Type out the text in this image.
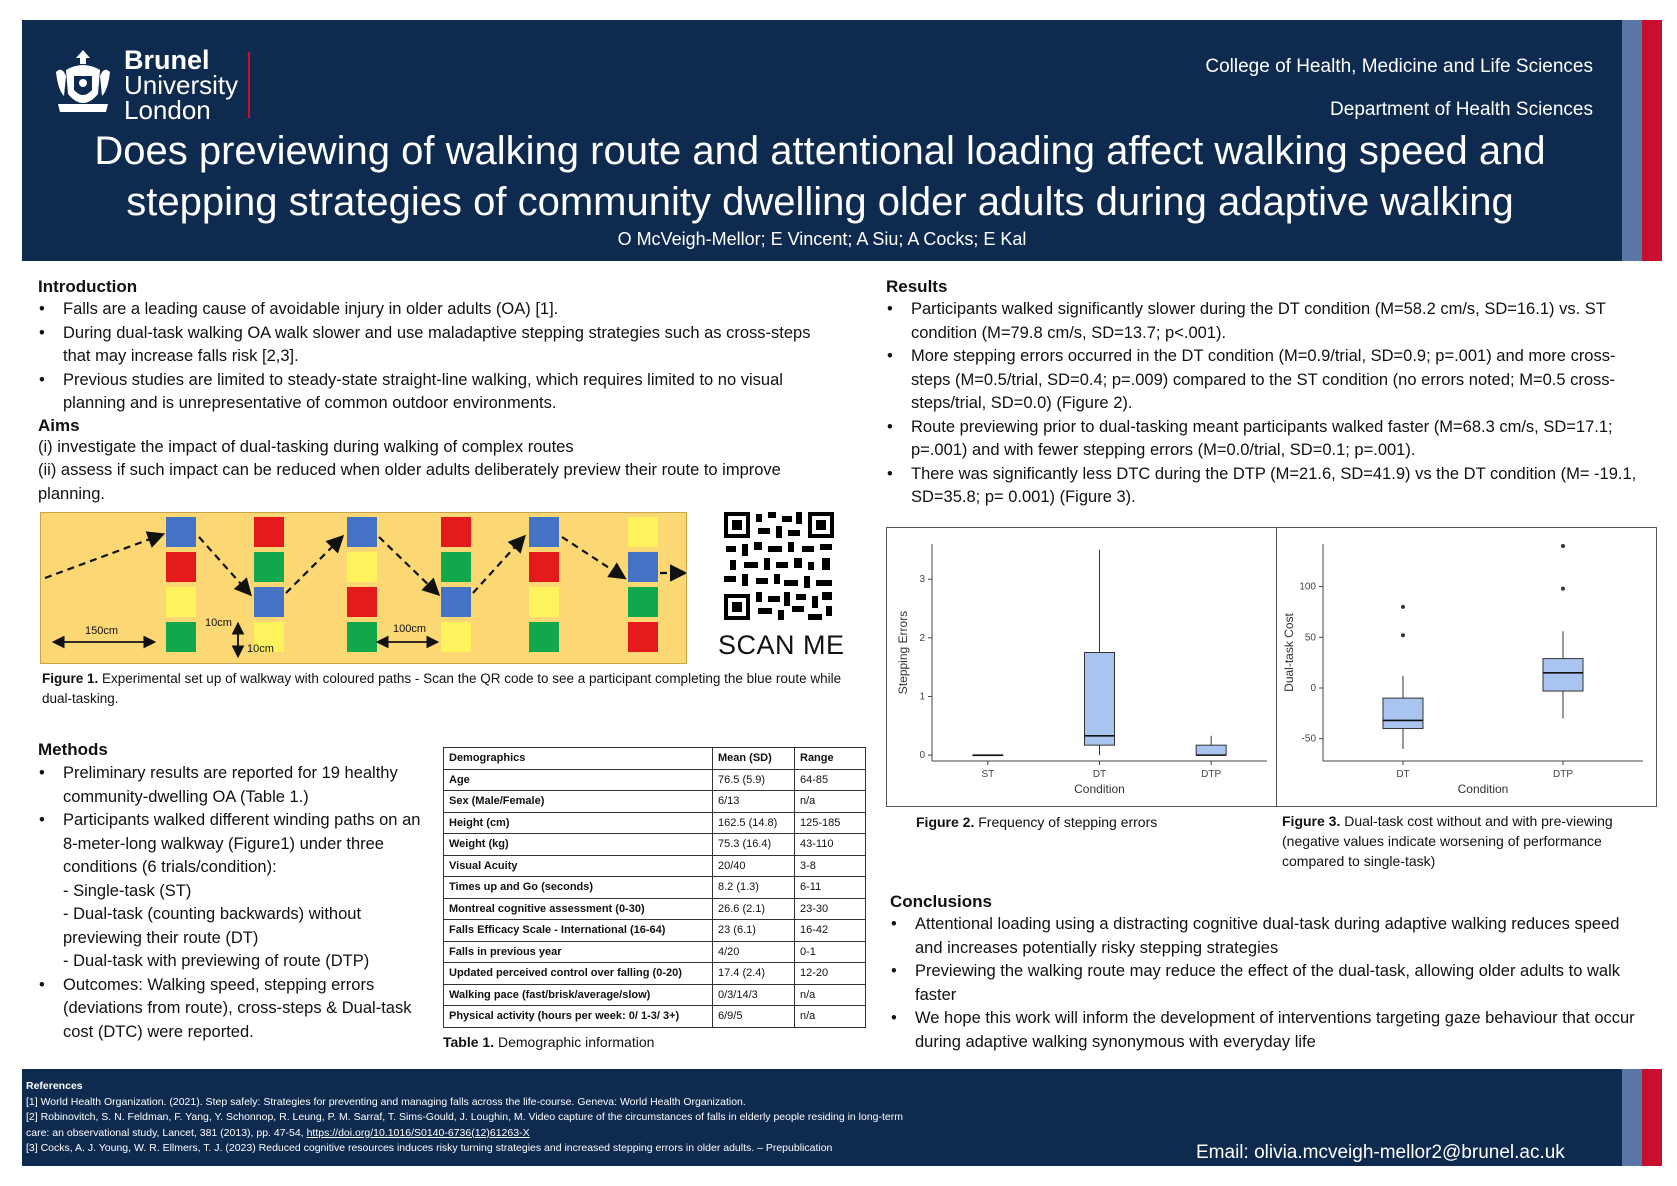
Brunel
University
London
College of Health, Medicine and Life Sciences
Department of Health Sciences
Does previewing of walking route and attentional loading affect walking speed and
stepping strategies of community dwelling older adults during adaptive walking
O McVeigh-Mellor; E Vincent; A Siu; A Cocks; E Kal
Introduction
• Falls are a leading cause of avoidable injury in older adults (OA) [1].
• During dual-task walking OA walk slower and use maladaptive stepping strategies such as cross-steps that may increase falls risk [2,3].
• Previous studies are limited to steady-state straight-line walking, which requires limited to no visual planning and is unrepresentative of common outdoor environments.
Aims
(i) investigate the impact of dual-tasking during walking of complex routes
(ii) assess if such impact can be reduced when older adults deliberately preview their route to improve planning.
150cm
10cm
10cm
100cm
SCAN ME
Figure 1. Experimental set up of walkway with coloured paths - Scan the QR code to see a participant completing the blue route while dual-tasking.
Methods
• Preliminary results are reported for 19 healthy community-dwelling OA (Table 1.)
• Participants walked different winding paths on an 8-meter-long walkway (Figure1) under three conditions (6 trials/condition):
- Single-task (ST)
- Dual-task (counting backwards) without previewing their route (DT)
- Dual-task with previewing of route (DTP)
• Outcomes: Walking speed, stepping errors (deviations from route), cross-steps & Dual-task cost (DTC) were reported.
Demographics	Mean (SD)	Range
Age	76.5 (5.9)	64-85
Sex (Male/Female)	6/13	n/a
Height (cm)	162.5 (14.8)	125-185
Weight (kg)	75.3 (16.4)	43-110
Visual Acuity	20/40	3-8
Times up and Go (seconds)	8.2 (1.3)	6-11
Montreal cognitive assessment (0-30)	26.6 (2.1)	23-30
Falls Efficacy Scale - International (16-64)	23 (6.1)	16-42
Falls in previous year	4/20	0-1
Updated perceived control over falling (0-20)	17.4 (2.4)	12-20
Walking pace (fast/brisk/average/slow)	0/3/14/3	n/a
Physical activity (hours per week: 0/ 1-3/ 3+)	6/9/5	n/a
Table 1. Demographic information
Results
• Participants walked significantly slower during the DT condition (M=58.2 cm/s, SD=16.1) vs. ST condition (M=79.8 cm/s, SD=13.7; p<.001).
• More stepping errors occurred in the DT condition (M=0.9/trial, SD=0.9; p=.001) and more cross-steps (M=0.5/trial, SD=0.4; p=.009) compared to the ST condition (no errors noted; M=0.5 cross-steps/trial, SD=0.0) (Figure 2).
• Route previewing prior to dual-tasking meant participants walked faster (M=68.3 cm/s, SD=17.1; p=.001) and with fewer stepping errors (M=0.0/trial, SD=0.1; p=.001).
• There was significantly less DTC during the DTP (M=21.6, SD=41.9) vs the DT condition (M= -19.1, SD=35.8; p= 0.001) (Figure 3).
0
1
2
3
ST	DT	DTP
Condition
Stepping Errors
Figure 2. Frequency of stepping errors
-50
0
50
100
DT	DTP
Condition
Dual-task Cost
Figure 3. Dual-task cost without and with pre-viewing (negative values indicate worsening of performance compared to single-task)
Conclusions
• Attentional loading using a distracting cognitive dual-task during adaptive walking reduces speed and increases potentially risky stepping strategies
• Previewing the walking route may reduce the effect of the dual-task, allowing older adults to walk faster
• We hope this work will inform the development of interventions targeting gaze behaviour that occur during adaptive walking synonymous with everyday life
References
[1] World Health Organization. (2021). Step safely: Strategies for preventing and managing falls across the life-course. Geneva: World Health Organization.
[2] Robinovitch, S. N. Feldman, F. Yang, Y. Schonnop, R. Leung, P. M. Sarraf, T. Sims-Gould, J. Loughin, M. Video capture of the circumstances of falls in elderly people residing in long-term care: an observational study, Lancet, 381 (2013), pp. 47-54, https://doi.org/10.1016/S0140-6736(12)61263-X
[3] Cocks, A. J. Young, W. R. Ellmers, T. J. (2023) Reduced cognitive resources induces risky turning strategies and increased stepping errors in older adults. – Prepublication	Email: olivia.mcveigh-mellor2@brunel.ac.uk
